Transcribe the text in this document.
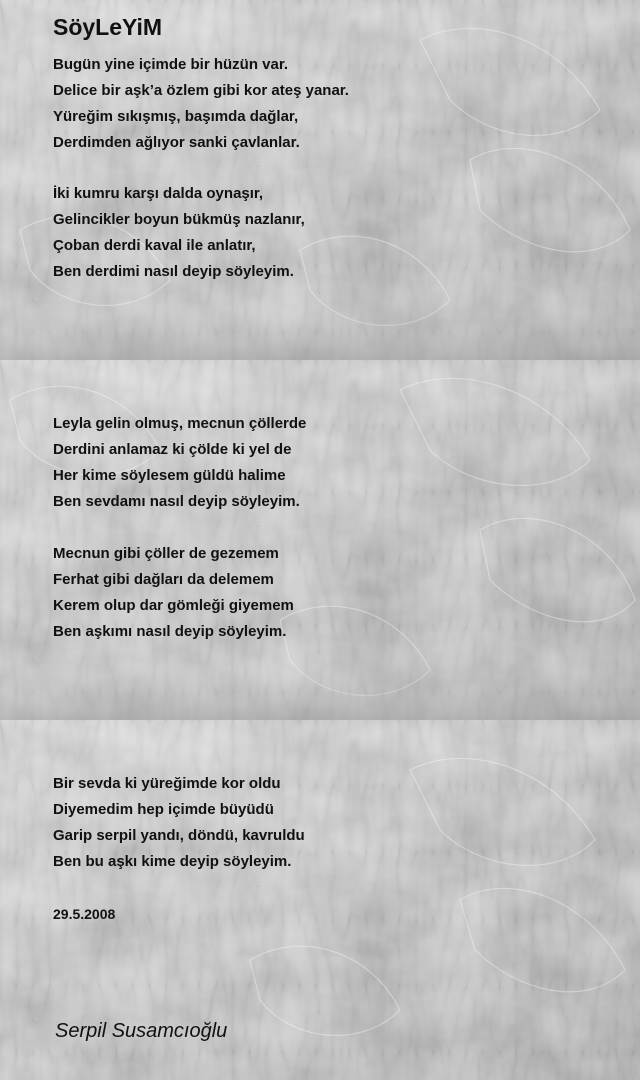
SöyLeYiM
Bugün yine içimde bir hüzün var.
Delice bir aşk’a özlem gibi kor ateş yanar.
Yüreğim sıkışmış, başımda dağlar,
Derdimden ağlıyor sanki çavlanlar.
İki kumru karşı dalda oynaşır,
Gelincikler boyun bükmüş nazlanır,
Çoban derdi kaval ile anlatır,
Ben derdimi nasıl deyip söyleyim.
Leyla gelin olmuş, mecnun çöllerde
Derdini anlamaz ki çölde ki yel de
Her kime söylesem güldü halime
Ben sevdamı nasıl deyip söyleyim.
Mecnun gibi çöller de gezemem
Ferhat gibi dağları da delemem
Kerem olup dar gömleği giyemem
Ben aşkımı nasıl deyip söyleyim.
Bir sevda ki yüreğimde kor oldu
Diyemedim hep içimde büyüdü
Garip serpil yandı, döndü, kavruldu
Ben bu aşkı kime deyip söyleyim.
29.5.2008
Serpil Susamcıoğlu
